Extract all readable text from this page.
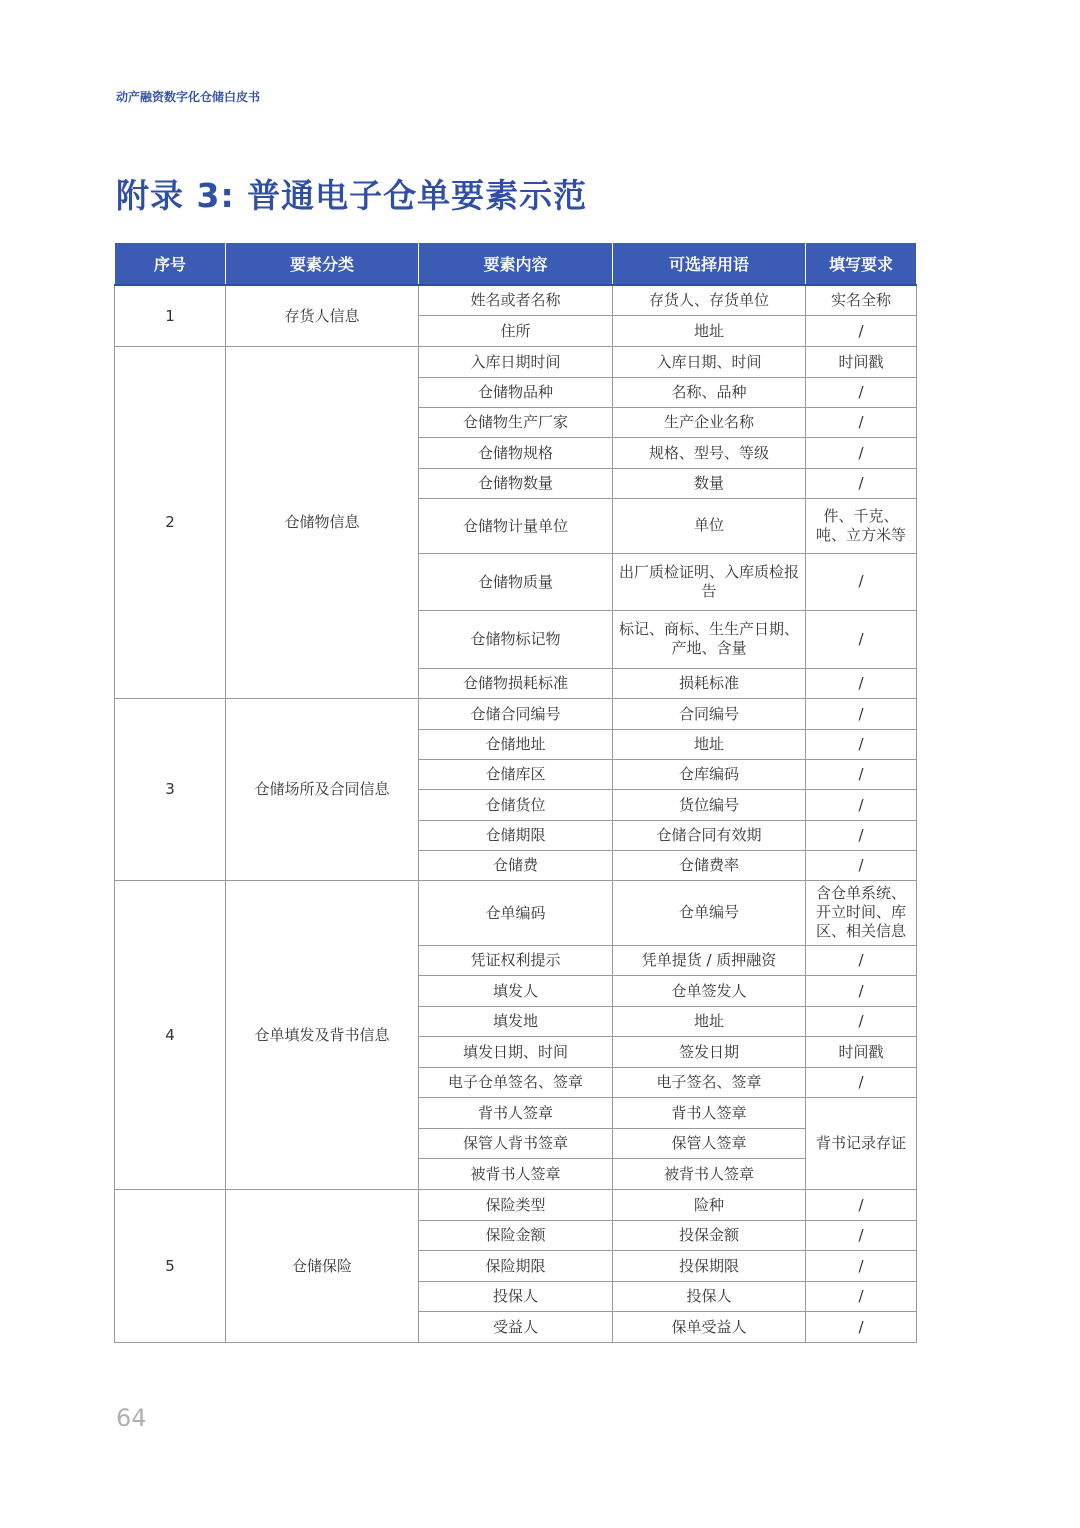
动产融资数字化仓储白皮书
附录 3: 普通电子仓单要素示范
序号	要素分类	要素内容	可选择用语	填写要求
1	存货人信息	姓名或者名称	存货人、存货单位	实名全称
		住所	地址	/
2	仓储物信息	入库日期时间	入库日期、时间	时间戳
		仓储物品种	名称、品种	/
		仓储物生产厂家	生产企业名称	/
		仓储物规格	规格、型号、等级	/
		仓储物数量	数量	/
		仓储物计量单位	单位	件、千克、吨、立方米等
		仓储物质量	出厂质检证明、入库质检报告	/
		仓储物标记物	标记、商标、生生产日期、产地、含量	/
		仓储物损耗标准	损耗标准	/
3	仓储场所及合同信息	仓储合同编号	合同编号	/
		仓储地址	地址	/
		仓储库区	仓库编码	/
		仓储货位	货位编号	/
		仓储期限	仓储合同有效期	/
		仓储费	仓储费率	/
4	仓单填发及背书信息	仓单编码	仓单编号	含仓单系统、开立时间、库区、相关信息
		凭证权利提示	凭单提货 / 质押融资	/
		填发人	仓单签发人	/
		填发地	地址	/
		填发日期、时间	签发日期	时间戳
		电子仓单签名、签章	电子签名、签章	/
		背书人签章	背书人签章	背书记录存证
		保管人背书签章	保管人签章	
		被背书人签章	被背书人签章	
5	仓储保险	保险类型	险种	/
		保险金额	投保金额	/
		保险期限	投保期限	/
		投保人	投保人	/
		受益人	保单受益人	/
64
